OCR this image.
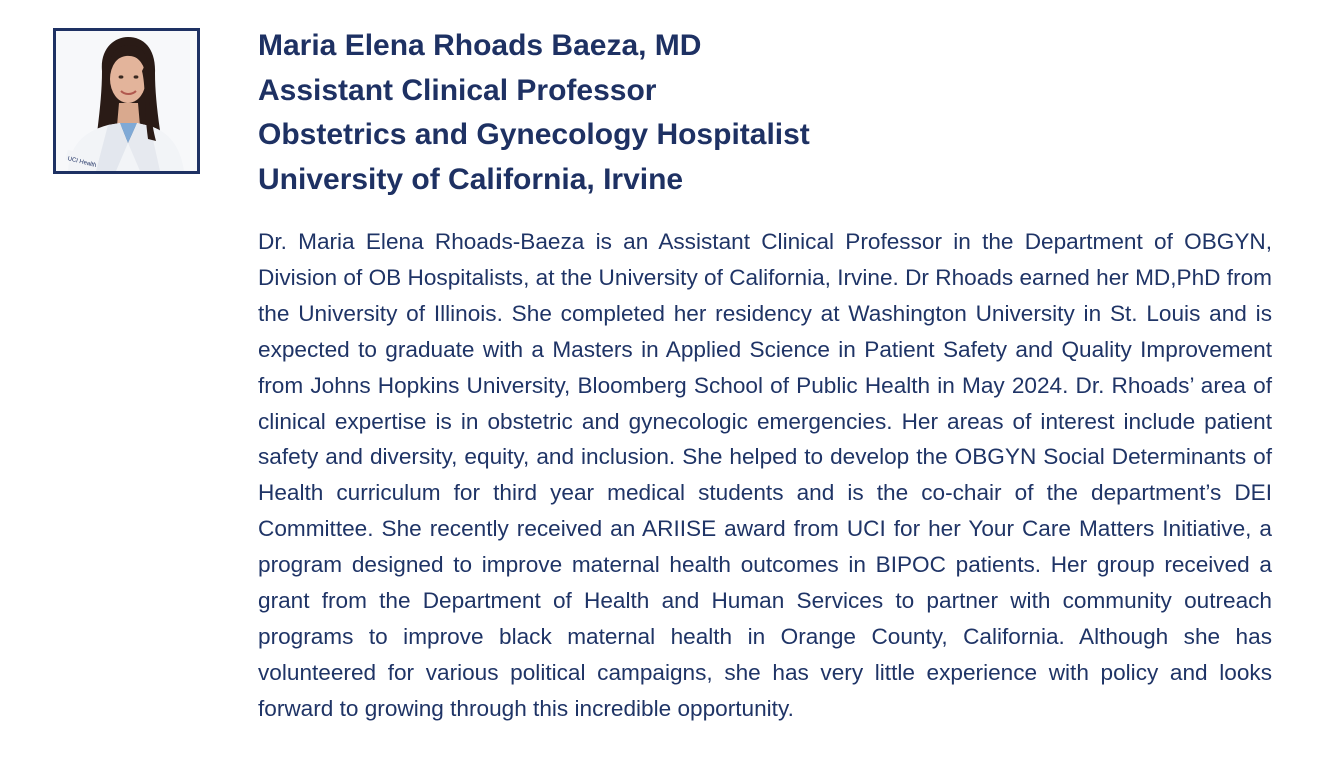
UCI Health
Maria Elena Rhoads Baeza, MD
Assistant Clinical Professor
Obstetrics and Gynecology Hospitalist
University of California, Irvine

Dr. Maria Elena Rhoads-Baeza is an Assistant Clinical Professor in the Department of OBGYN, Division of OB Hospitalists, at the University of California, Irvine. Dr Rhoads earned her MD,PhD from the University of Illinois. She completed her residency at Washington University in St. Louis and is expected to graduate with a Masters in Applied Science in Patient Safety and Quality Improvement from Johns Hopkins University, Bloomberg School of Public Health in May 2024. Dr. Rhoads’ area of clinical expertise is in obstetric and gynecologic emergencies. Her areas of interest include patient safety and diversity, equity, and inclusion. She helped to develop the OBGYN Social Determinants of Health curriculum for third year medical students and is the co-chair of the department’s DEI Committee. She recently received an ARIISE award from UCI for her Your Care Matters Initiative, a program designed to improve maternal health outcomes in BIPOC patients. Her group received a grant from the Department of Health and Human Services to partner with community outreach programs to improve black maternal health in Orange County, California. Although she has volunteered for various political campaigns, she has very little experience with policy and looks forward to growing through this incredible opportunity.
